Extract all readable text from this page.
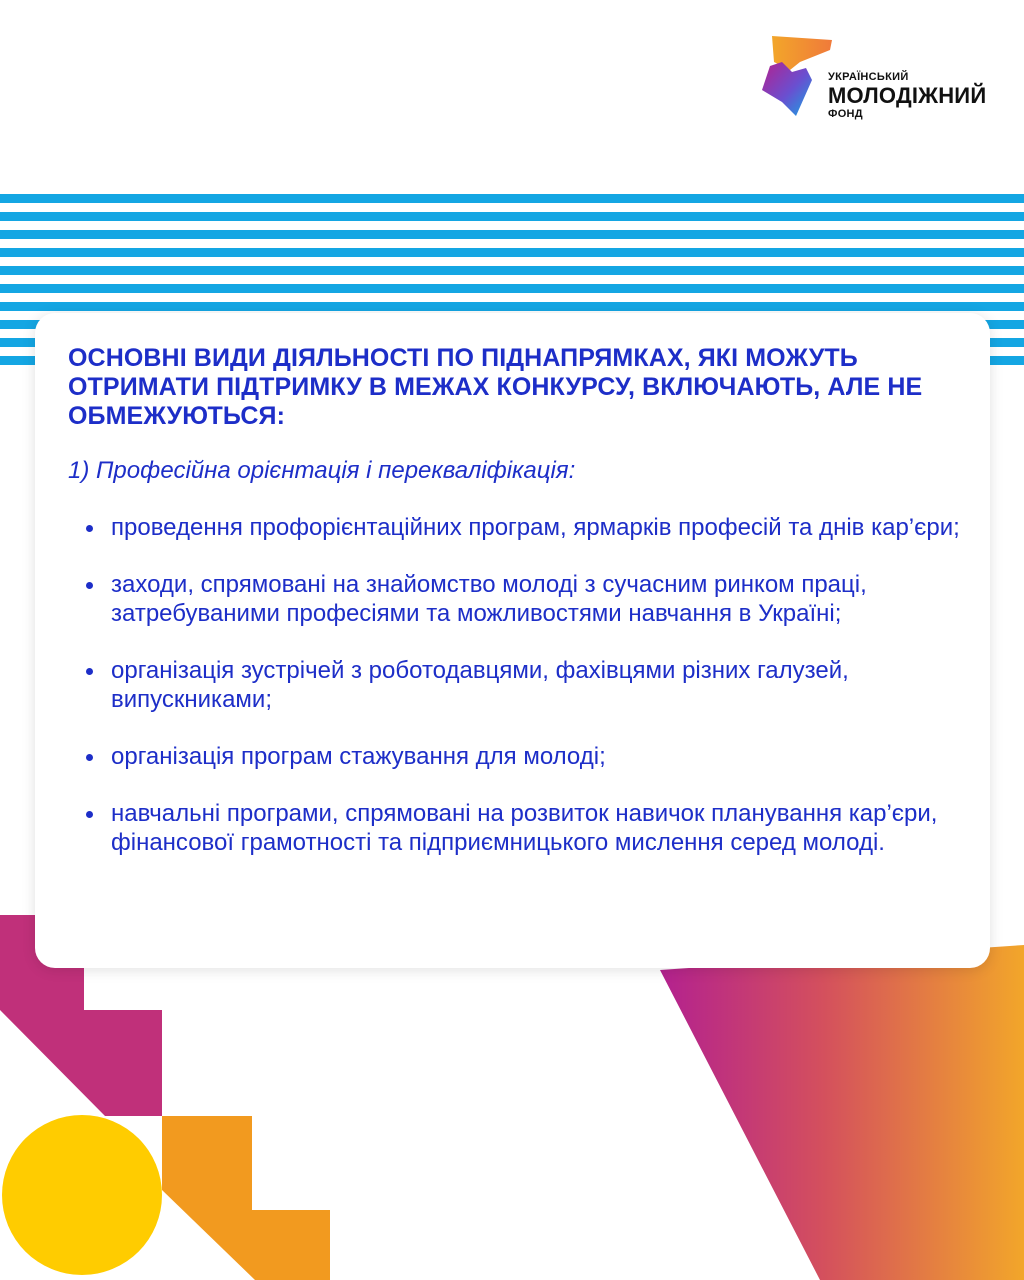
УКРАЇНСЬКИЙ
МОЛОДІЖНИЙ
ФОНД
ОСНОВНІ ВИДИ ДІЯЛЬНОСТІ ПО ПІДНАПРЯМКАХ, ЯКІ МОЖУТЬ ОТРИМАТИ ПІДТРИМКУ В МЕЖАХ КОНКУРСУ, ВКЛЮЧАЮТЬ, АЛЕ НЕ ОБМЕЖУЮТЬСЯ:

1) Професійна орієнтація і перекваліфікація:

проведення профорієнтаційних програм, ярмарків професій та днів кар’єри;
заходи, спрямовані на знайомство молоді з сучасним ринком праці, затребуваними професіями та можливостями навчання в Україні;
організація зустрічей з роботодавцями, фахівцями різних галузей, випускниками;
організація програм стажування для молоді;
навчальні програми, спрямовані на розвиток навичок планування кар’єри, фінансової грамотності та підприємницького мислення серед молоді.
